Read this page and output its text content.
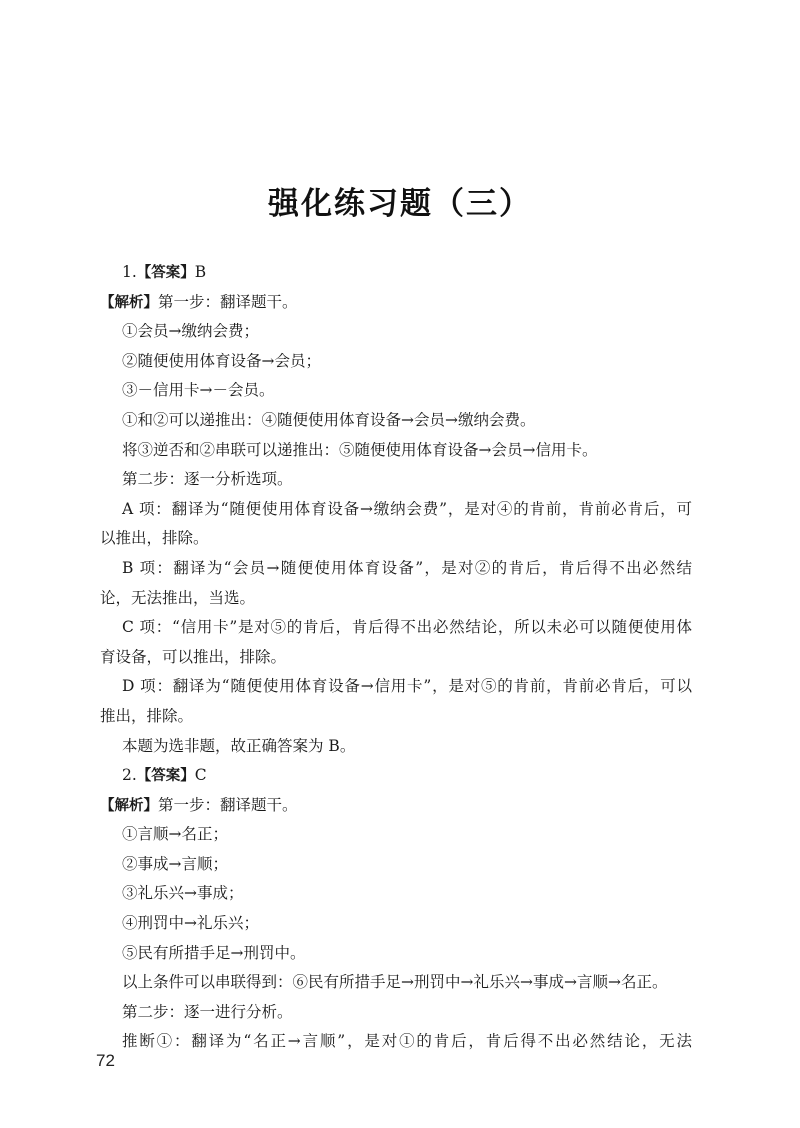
强化练习题（三）
1.【答案】B
【解析】第一步：翻译题干。
①会员→缴纳会费；
②随便使用体育设备→会员；
③－信用卡→－会员。
①和②可以递推出：④随便使用体育设备→会员→缴纳会费。
将③逆否和②串联可以递推出：⑤随便使用体育设备→会员→信用卡。
第二步：逐一分析选项。
A 项：翻译为“随便使用体育设备→缴纳会费”，是对④的肯前，肯前必肯后，可
以推出，排除。
B 项：翻译为“会员→随便使用体育设备”，是对②的肯后，肯后得不出必然结
论，无法推出，当选。
C 项：“信用卡”是对⑤的肯后，肯后得不出必然结论，所以未必可以随便使用体
育设备，可以推出，排除。
D 项：翻译为“随便使用体育设备→信用卡”，是对⑤的肯前，肯前必肯后，可以
推出，排除。
本题为选非题，故正确答案为 B。
2.【答案】C
【解析】第一步：翻译题干。
①言顺→名正；
②事成→言顺；
③礼乐兴→事成；
④刑罚中→礼乐兴；
⑤民有所措手足→刑罚中。
以上条件可以串联得到：⑥民有所措手足→刑罚中→礼乐兴→事成→言顺→名正。
第二步：逐一进行分析。
推断①：翻译为“名正→言顺”，是对①的肯后，肯后得不出必然结论，无法
72
